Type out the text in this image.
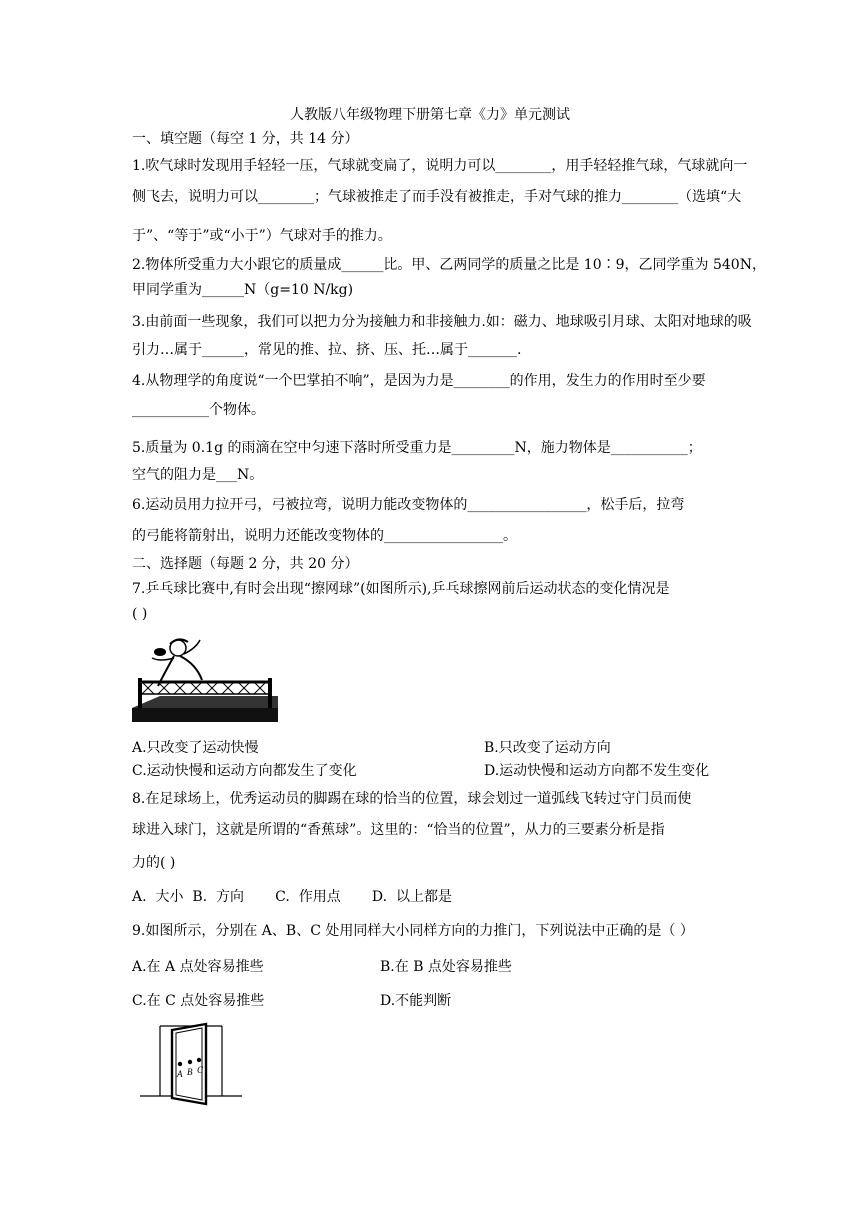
人教版八年级物理下册第七章《力》单元测试
一、填空题（每空 1 分，共 14 分）
1.吹气球时发现用手轻轻一压，气球就变扁了，说明力可以________，用手轻轻推气球，气球就向一
侧飞去，说明力可以________；气球被推走了而手没有被推走，手对气球的推力________（选填“大
于”、“等于”或“小于”）气球对手的推力。
2.物体所受重力大小跟它的质量成______比。甲、乙两同学的质量之比是 10∶9，乙同学重为 540N，
甲同学重为______N（g=10 N/kg)
3.由前面一些现象，我们可以把力分为接触力和非接触力.如：磁力、地球吸引月球、太阳对地球的吸
引力…属于______，常见的推、拉、挤、压、托…属于_______.
4.从物理学的角度说“一个巴掌拍不响”，是因为力是________的作用，发生力的作用时至少要
___________个物体。
5.质量为 0.1g 的雨滴在空中匀速下落时所受重力是_________N，施力物体是___________；
空气的阻力是___N。
6.运动员用力拉开弓，弓被拉弯，说明力能改变物体的_________________，松手后，拉弯
的弓能将箭射出，说明力还能改变物体的_________________。
二、选择题（每题 2 分，共 20 分）
7.乒乓球比赛中,有时会出现“擦网球”(如图所示),乒乓球擦网前后运动状态的变化情况是
( )
A.只改变了运动快慢	B.只改变了运动方向
C.运动快慢和运动方向都发生了变化	D.运动快慢和运动方向都不发生变化
8.在足球场上，优秀运动员的脚踢在球的恰当的位置，球会划过一道弧线飞转过守门员而使
球进入球门，这就是所谓的“香蕉球”。这里的：“恰当的位置”，从力的三要素分析是指
力的( )
A.  大小  B.  方向       C.  作用点       D.  以上都是
9.如图所示，分别在 A、B、C 处用同样大小同样方向的力推门，下列说法中正确的是（ ）
A.在 A 点处容易推些	B.在 B 点处容易推些
C.在 C 点处容易推些	D.不能判断
A B C
